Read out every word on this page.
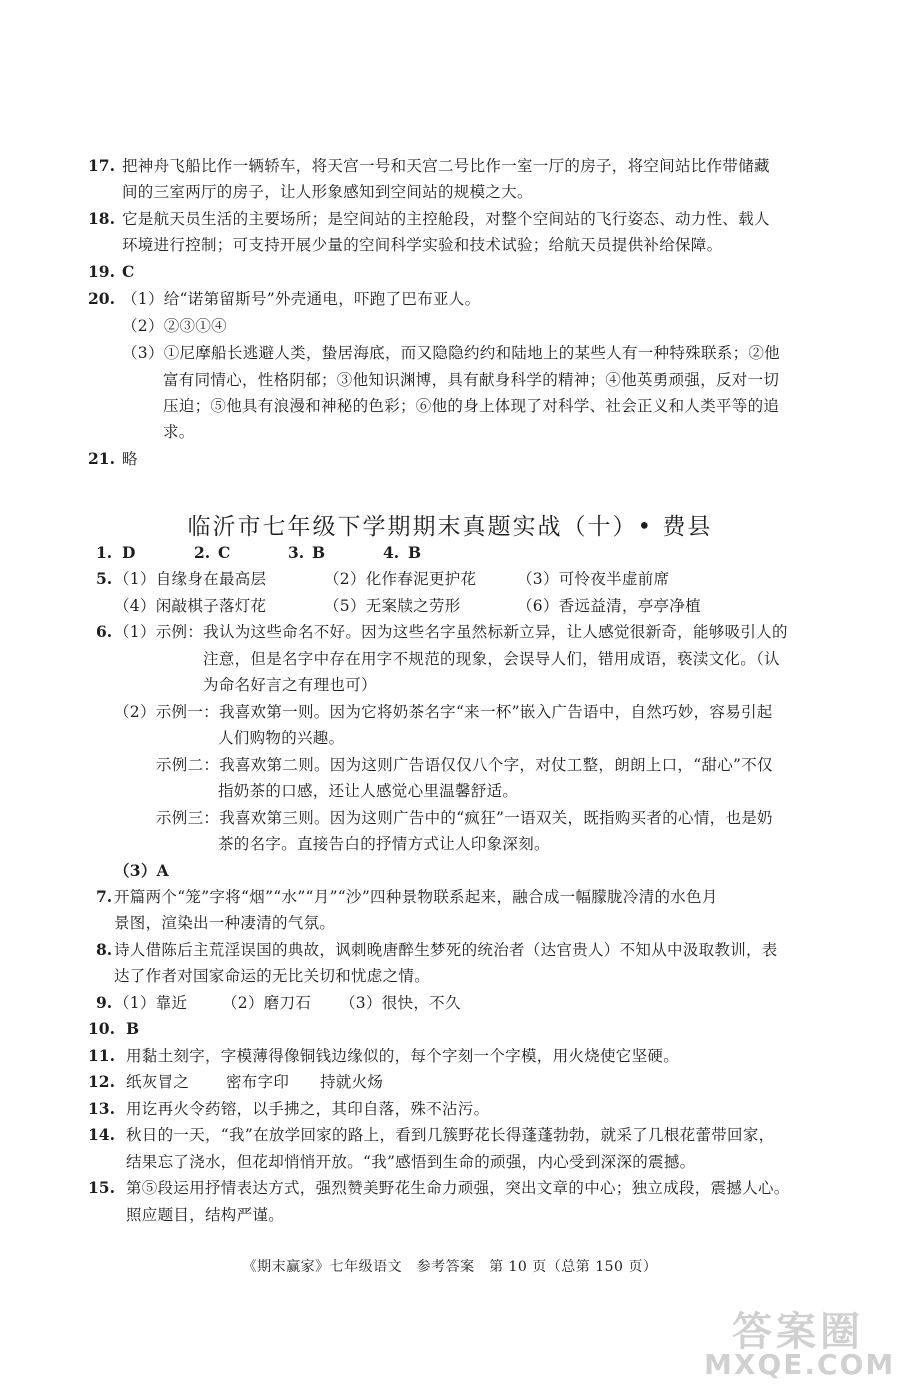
17. 把神舟飞船比作一辆轿车，将天宫一号和天宫二号比作一室一厅的房子，将空间站比作带储藏
间的三室两厅的房子，让人形象感知到空间站的规模之大。
18. 它是航天员生活的主要场所；是空间站的主控舱段，对整个空间站的飞行姿态、动力性、载人
环境进行控制；可支持开展少量的空间科学实验和技术试验；给航天员提供补给保障。
19. C
20. （1）给“诺第留斯号”外壳通电，吓跑了巴布亚人。
（2）②③①④
（3）①尼摩船长逃避人类，蛰居海底，而又隐隐约约和陆地上的某些人有一种特殊联系；②他
富有同情心，性格阴郁；③他知识渊博，具有献身科学的精神；④他英勇顽强，反对一切
压迫；⑤他具有浪漫和神秘的色彩；⑥他的身上体现了对科学、社会正义和人类平等的追
求。
21. 略
临沂市七年级下学期期末真题实战（十）• 费县
1. D	2. C	3. B	4. B
5. （1）自缘身在最高层	（2）化作春泥更护花	（3）可怜夜半虚前席
（4）闲敲棋子落灯花	（5）无案牍之劳形	（6）香远益清，亭亭净植
6. （1）示例：我认为这些命名不好。因为这些名字虽然标新立异，让人感觉很新奇，能够吸引人的
注意，但是名字中存在用字不规范的现象，会误导人们，错用成语，亵渎文化。（认
为命名好言之有理也可）
（2）示例一：我喜欢第一则。因为它将奶茶名字“来一杯”嵌入广告语中，自然巧妙，容易引起
人们购物的兴趣。
示例二：我喜欢第二则。因为这则广告语仅仅八个字，对仗工整，朗朗上口，“甜心”不仅
指奶茶的口感，还让人感觉心里温馨舒适。
示例三：我喜欢第三则。因为这则广告中的“疯狂”一语双关，既指购买者的心情，也是奶
茶的名字。直接告白的抒情方式让人印象深刻。
（3）A
7. 开篇两个“笼”字将“烟”“水”“月”“沙”四种景物联系起来，融合成一幅朦胧冷清的水色月
景图，渲染出一种凄清的气氛。
8. 诗人借陈后主荒淫误国的典故，讽刺晚唐醉生梦死的统治者（达官贵人）不知从中汲取教训，表
达了作者对国家命运的无比关切和忧虑之情。
9. （1）靠近 （2）磨刀石 （3）很快，不久
10. B
11. 用黏土刻字，字模薄得像铜钱边缘似的，每个字刻一个字模，用火烧使它坚硬。
12. 纸灰冒之 密布字印 持就火炀
13. 用讫再火令药镕，以手拂之，其印自落，殊不沾污。
14. 秋日的一天，“我”在放学回家的路上，看到几簇野花长得蓬蓬勃勃，就采了几根花蕾带回家，
结果忘了浇水，但花却悄悄开放。“我”感悟到生命的顽强，内心受到深深的震撼。
15. 第⑤段运用抒情表达方式，强烈赞美野花生命力顽强，突出文章的中心；独立成段，震撼人心。
照应题目，结构严谨。
《期末赢家》七年级语文　参考答案　第 10 页（总第 150 页）
答案圈
MXQE.COM
